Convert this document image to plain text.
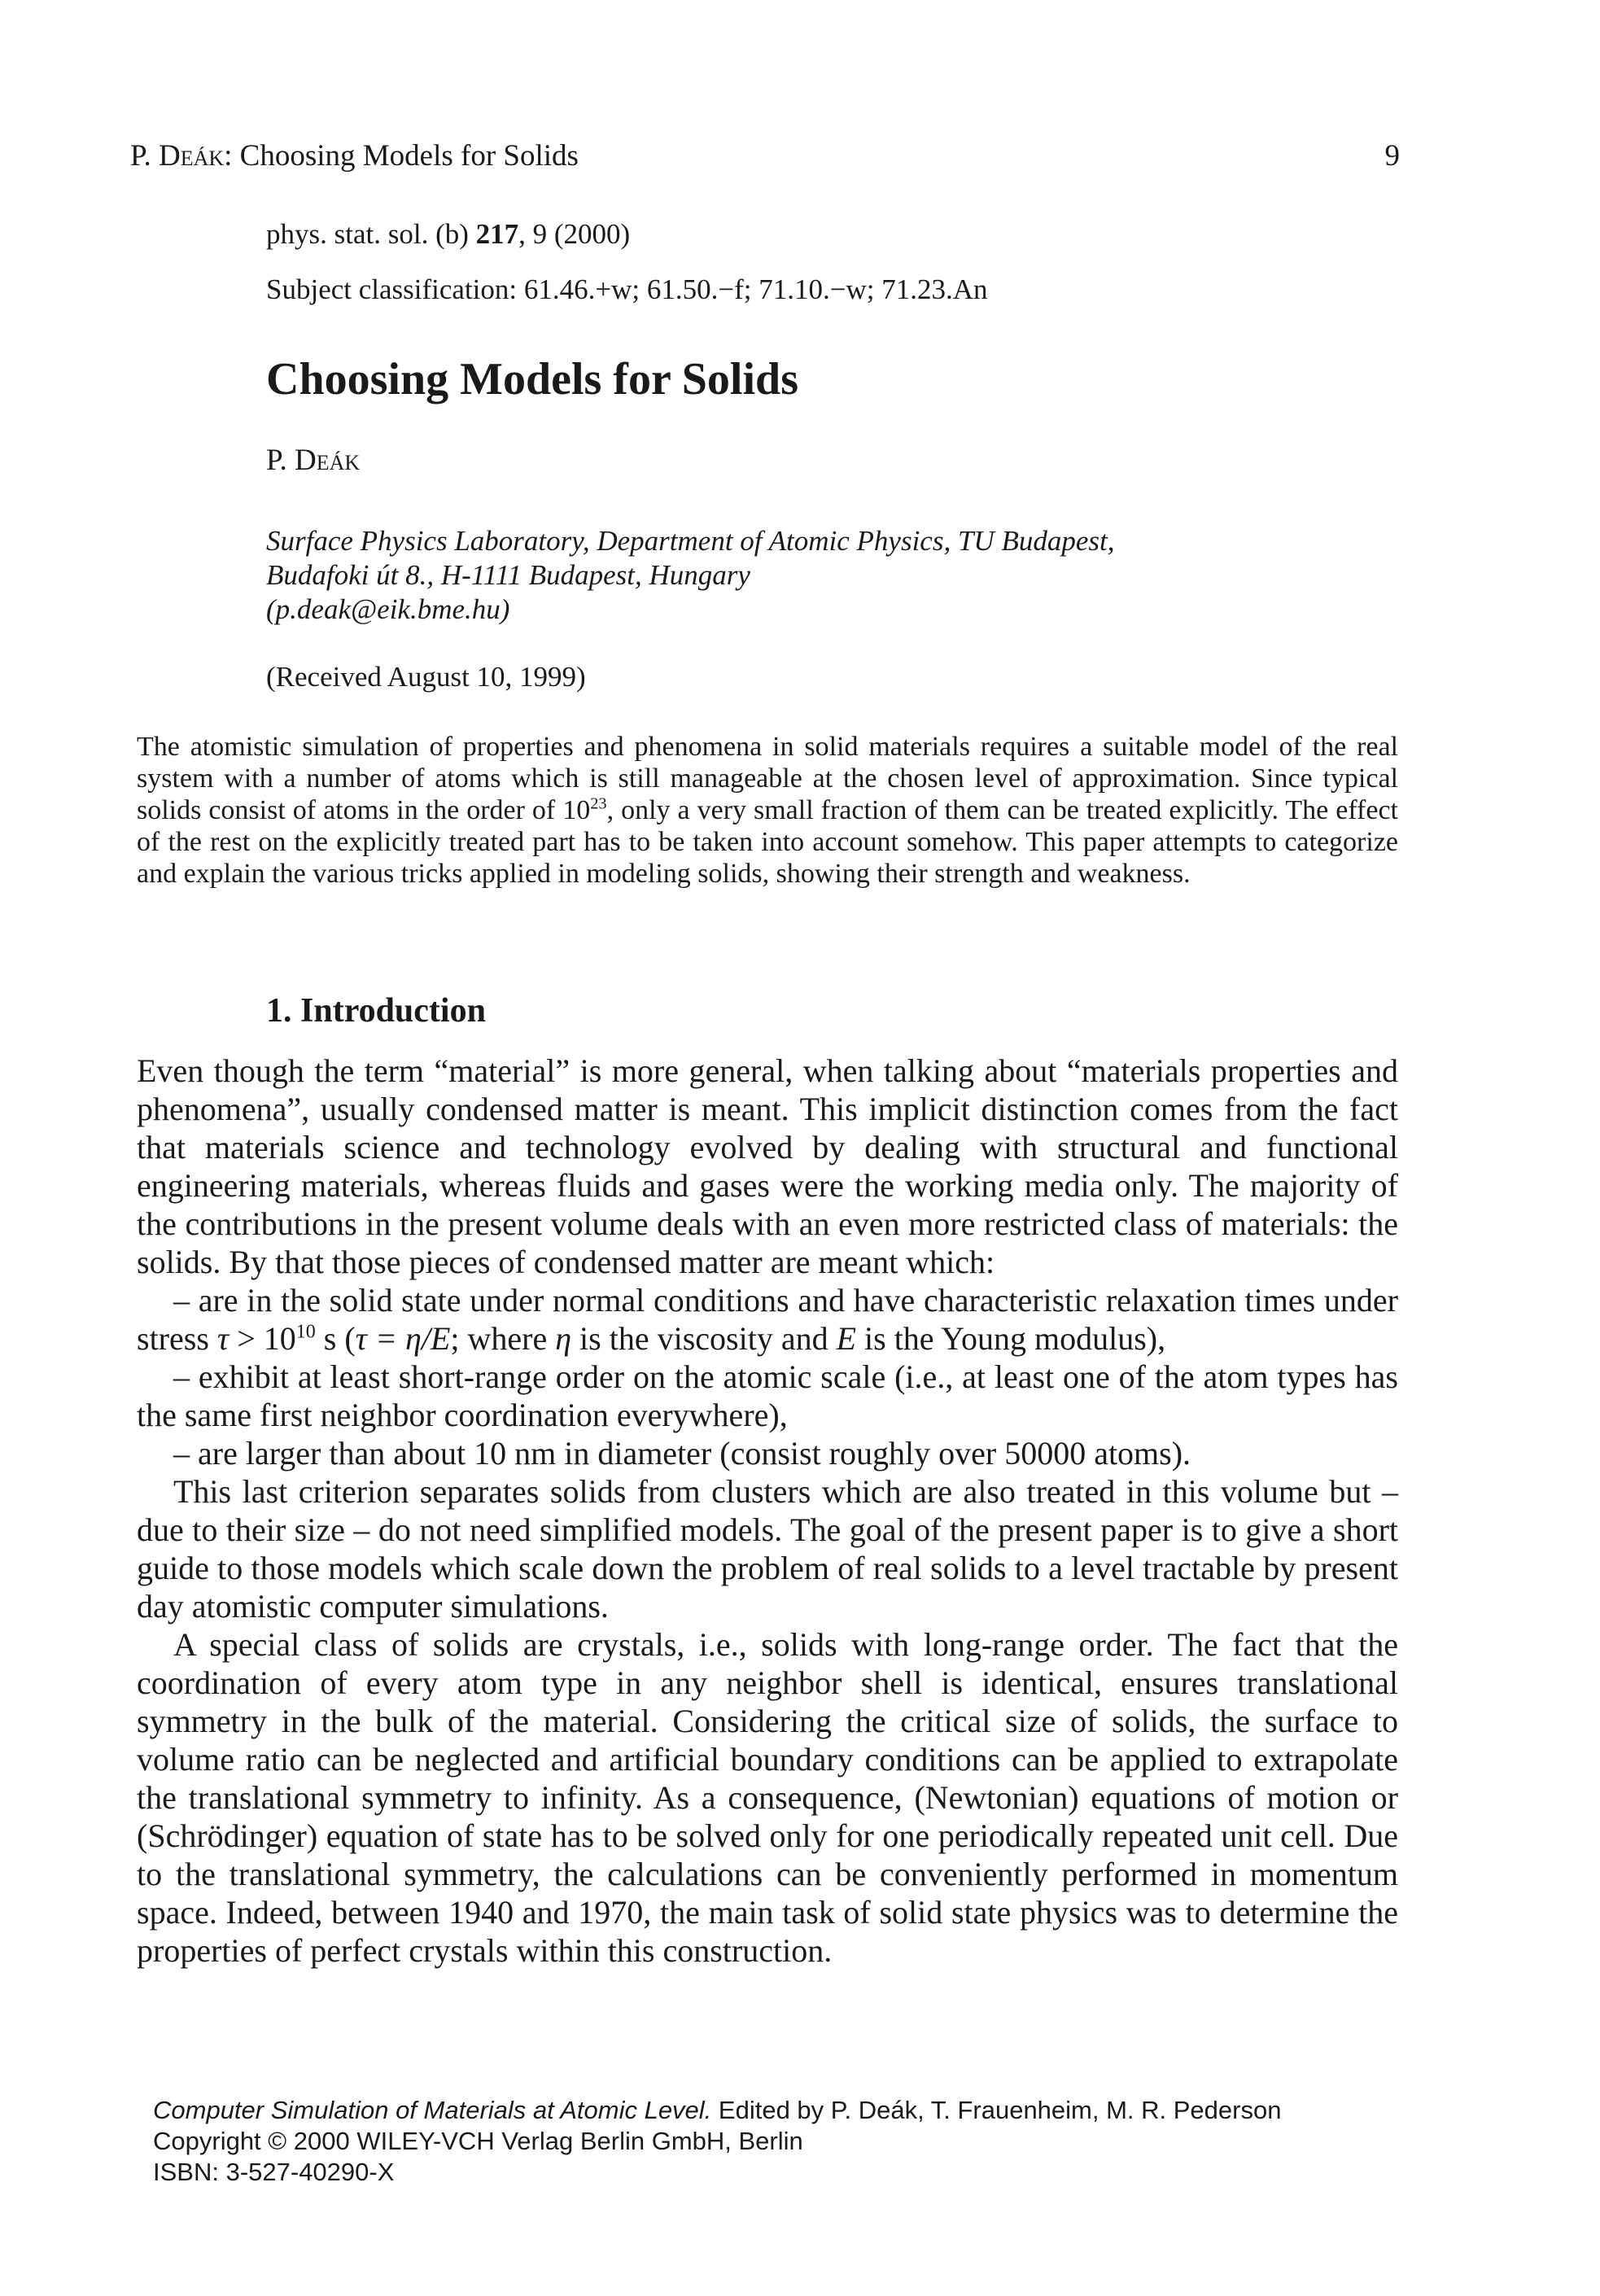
P. Deák: Choosing Models for Solids	9
phys. stat. sol. (b) 217, 9 (2000)
Subject classification: 61.46.+w; 61.50.−f; 71.10.−w; 71.23.An
Choosing Models for Solids
P. Deák
Surface Physics Laboratory, Department of Atomic Physics, TU Budapest,
Budafoki út 8., H-1111 Budapest, Hungary
(p.deak@eik.bme.hu)
(Received August 10, 1999)
The atomistic simulation of properties and phenomena in solid materials requires a suitable model of the real system with a number of atoms which is still manageable at the chosen level of approximation. Since typical solids consist of atoms in the order of $10^{23}$, only a very small fraction of them can be treated explicitly. The effect of the rest on the explicitly treated part has to be taken into account somehow. This paper attempts to categorize and explain the various tricks applied in modeling solids, showing their strength and weakness.
1. Introduction

Even though the term “material” is more general, when talking about “materials properties and phenomena”, usually condensed matter is meant. This implicit distinction comes from the fact that materials science and technology evolved by dealing with structural and functional engineering materials, whereas fluids and gases were the working media only. The majority of the contributions in the present volume deals with an even more restricted class of materials: the solids. By that those pieces of condensed matter are meant which:

– are in the solid state under normal conditions and have characteristic relaxation times under stress $\tau > 10^{10}$ s (τ = η/E; where η is the viscosity and E is the Young modulus),

– exhibit at least short-range order on the atomic scale (i.e., at least one of the atom types has the same first neighbor coordination everywhere),

– are larger than about 10 nm in diameter (consist roughly over 50000 atoms).

This last criterion separates solids from clusters which are also treated in this volume but – due to their size – do not need simplified models. The goal of the present paper is to give a short guide to those models which scale down the problem of real solids to a level tractable by present day atomistic computer simulations.

A special class of solids are crystals, i.e., solids with long-range order. The fact that the coordination of every atom type in any neighbor shell is identical, ensures translational symmetry in the bulk of the material. Considering the critical size of solids, the surface to volume ratio can be neglected and artificial boundary conditions can be applied to extrapolate the translational symmetry to infinity. As a consequence, (Newtonian) equations of motion or (Schrödinger) equation of state has to be solved only for one periodically repeated unit cell. Due to the translational symmetry, the calculations can be conveniently performed in momentum space. Indeed, between 1940 and 1970, the main task of solid state physics was to determine the properties of perfect crystals within this construction.

Computer Simulation of Materials at Atomic Level. Edited by P. Deák, T. Frauenheim, M. R. Pederson
Copyright © 2000 WILEY-VCH Verlag Berlin GmbH, Berlin
ISBN: 3-527-40290-X
